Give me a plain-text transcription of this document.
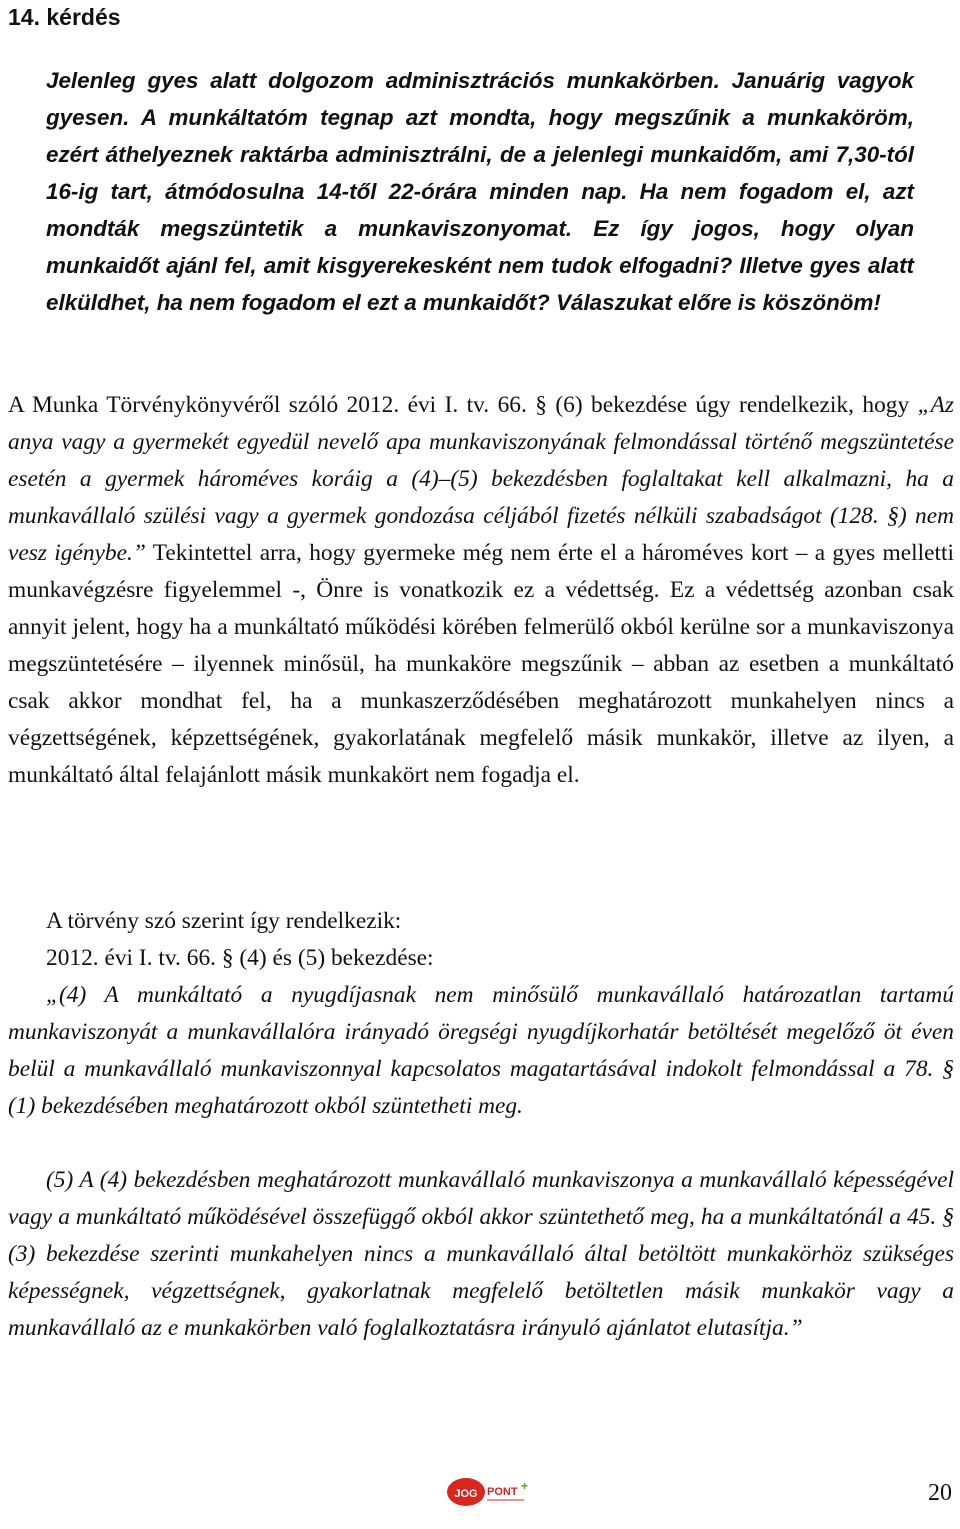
14. kérdés

Jelenleg gyes alatt dolgozom adminisztrációs munkakörben. Januárig vagyok gyesen. A munkáltatóm tegnap azt mondta, hogy megszűnik a munkaköröm, ezért áthelyeznek raktárba adminisztrálni, de a jelenlegi munkaidőm, ami 7,30-tól 16-ig tart, átmódosulna 14-től 22-órára minden nap. Ha nem fogadom el, azt mondták megszüntetik a munkaviszonyomat. Ez így jogos, hogy olyan munkaidőt ajánl fel, amit kisgyerekesként nem tudok elfogadni? Illetve gyes alatt elküldhet, ha nem fogadom el ezt a munkaidőt? Válaszukat előre is köszönöm!

A Munka Törvénykönyvéről szóló 2012. évi I. tv. 66. § (6) bekezdése úgy rendelkezik, hogy „Az anya vagy a gyermekét egyedül nevelő apa munkaviszonyának felmondással történő megszüntetése esetén a gyermek hároméves koráig a (4)–(5) bekezdésben foglaltakat kell alkalmazni, ha a munkavállaló szülési vagy a gyermek gondozása céljából fizetés nélküli szabadságot (128. §) nem vesz igénybe.” Tekintettel arra, hogy gyermeke még nem érte el a hároméves kort – a gyes melletti munkavégzésre figyelemmel -, Önre is vonatkozik ez a védettség. Ez a védettség azonban csak annyit jelent, hogy ha a munkáltató működési körében felmerülő okból kerülne sor a munkaviszonya megszüntetésére – ilyennek minősül, ha munkaköre megszűnik – abban az esetben a munkáltató csak akkor mondhat fel, ha a munkaszerződésében meghatározott munkahelyen nincs a végzettségének, képzettségének, gyakorlatának megfelelő másik munkakör, illetve az ilyen, a munkáltató által felajánlott másik munkakört nem fogadja el.

A törvény szó szerint így rendelkezik:

2012. évi I. tv. 66. § (4) és (5) bekezdése:

„(4) A munkáltató a nyugdíjasnak nem minősülő munkavállaló határozatlan tartamú munkaviszonyát a munkavállalóra irányadó öregségi nyugdíjkorhatár betöltését megelőző öt éven belül a munkavállaló munkaviszonnyal kapcsolatos magatartásával indokolt felmondással a 78. § (1) bekezdésében meghatározott okból szüntetheti meg.

(5) A (4) bekezdésben meghatározott munkavállaló munkaviszonya a munkavállaló képességével vagy a munkáltató működésével összefüggő okból akkor szüntethető meg, ha a munkáltatónál a 45. § (3) bekezdése szerinti munkahelyen nincs a munkavállaló által betöltött munkakörhöz szükséges képességnek, végzettségnek, gyakorlatnak megfelelő betöltetlen másik munkakör vagy a munkavállaló az e munkakörben való foglalkoztatásra irányuló ajánlatot elutasítja.”

JOG PONT +	20
